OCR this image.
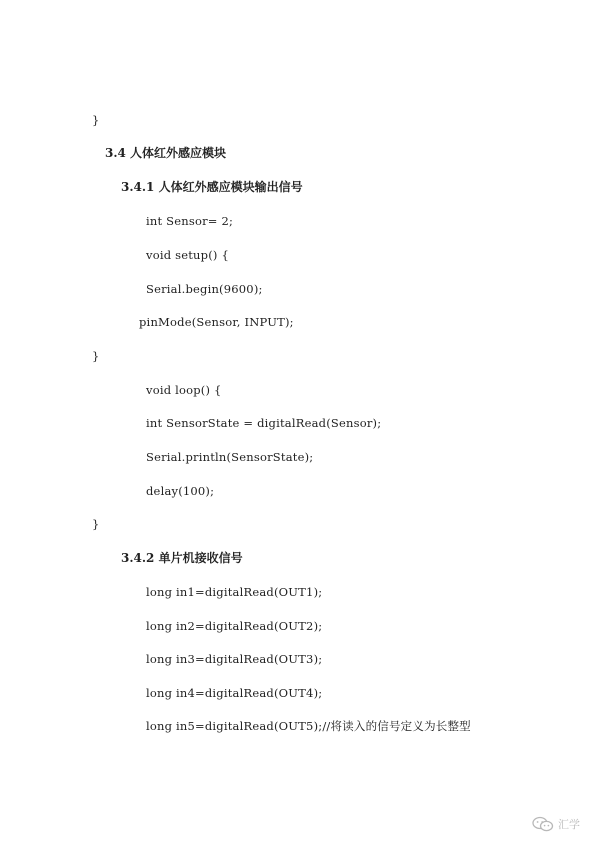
}
3.4 人体红外感应模块
3.4.1 人体红外感应模块输出信号
int Sensor= 2;
void setup() {
Serial.begin(9600);
pinMode(Sensor, INPUT);
}
void loop() {
int SensorState = digitalRead(Sensor);
Serial.println(SensorState);
delay(100);
}
3.4.2 单片机接收信号
long in1=digitalRead(OUT1);
long in2=digitalRead(OUT2);
long in3=digitalRead(OUT3);
long in4=digitalRead(OUT4);
long in5=digitalRead(OUT5);//将读入的信号定义为长整型
汇学
